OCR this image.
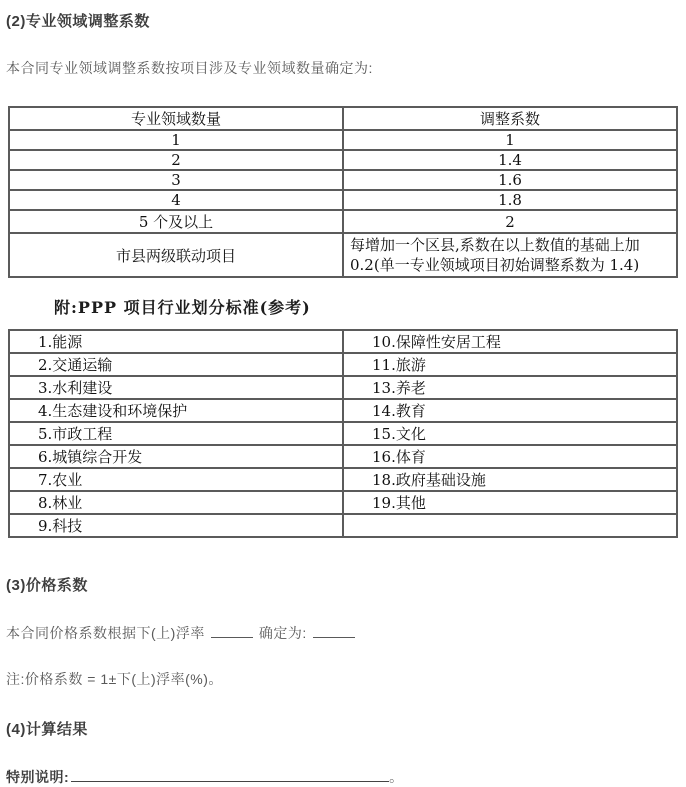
(2)专业领域调整系数

本合同专业领域调整系数按项目涉及专业领域数量确定为:

专业领域数量	调整系数
1	1
2	1.4
3	1.6
4	1.8
5 个及以上	2
市县两级联动项目	每增加一个区县,系数在以上数值的基础上加 0.2(单一专业领域项目初始调整系数为 1.4)
附:PPP 项目行业划分标准(参考)
1.能源	10.保障性安居工程
2.交通运输	11.旅游
3.水利建设	13.养老
4.生态建设和环境保护	14.教育
5.市政工程	15.文化
6.城镇综合开发	16.体育
7.农业	18.政府基础设施
8.林业	19.其他
9.科技	
(3)价格系数

本合同价格系数根据下(上)浮率	确定为:

注:价格系数 = 1±下(上)浮率(%)。

(4)计算结果

特别说明:	。
